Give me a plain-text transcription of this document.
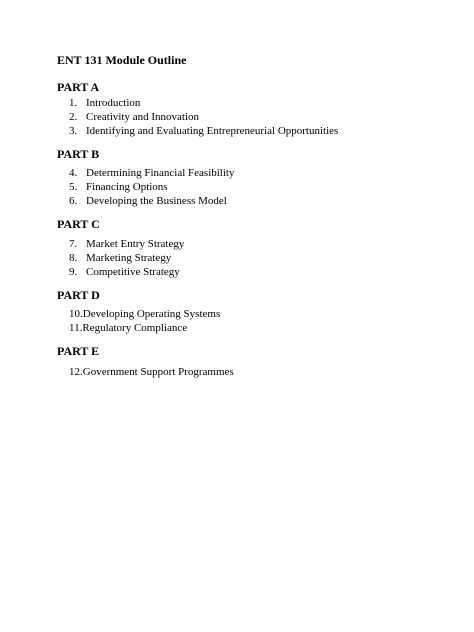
ENT 131 Module Outline
PART A
1. Introduction
2. Creativity and Innovation
3. Identifying and Evaluating Entrepreneurial Opportunities
PART B
4. Determining Financial Feasibility
5. Financing Options
6. Developing the Business Model
PART C
7. Market Entry Strategy
8. Marketing Strategy
9. Competitive Strategy
PART D
10.Developing Operating Systems
11.Regulatory Compliance
PART E
12.Government Support Programmes
